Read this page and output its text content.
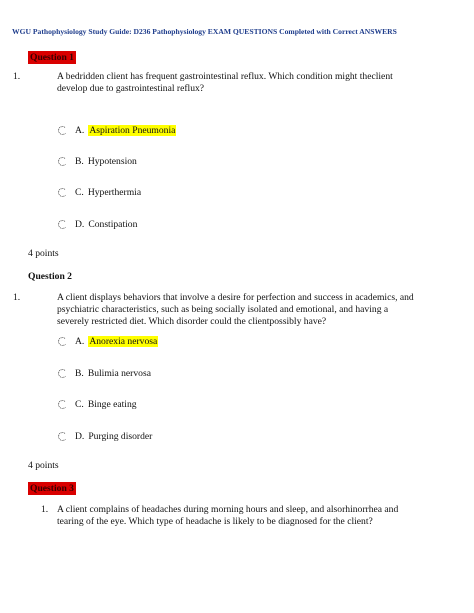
WGU Pathophysiology Study Guide: D236 Pathophysiology EXAM QUESTIONS Completed with Correct ANSWERS
Question 1
1.	A bedridden client has frequent gastrointestinal reflux. Which condition might theclient develop due to gastrointestinal reflux?
A. Aspiration Pneumonia
B. Hypotension
C. Hyperthermia
D. Constipation
4 points
Question 2
1.	A client displays behaviors that involve a desire for perfection and success in academics, and psychiatric characteristics, such as being socially isolated and emotional, and having a severely restricted diet. Which disorder could the clientpossibly have?
A. Anorexia nervosa
B. Bulimia nervosa
C. Binge eating
D. Purging disorder
4 points
Question 3
1. A client complains of headaches during morning hours and sleep, and alsorhinorrhea and tearing of the eye. Which type of headache is likely to be diagnosed for the client?
